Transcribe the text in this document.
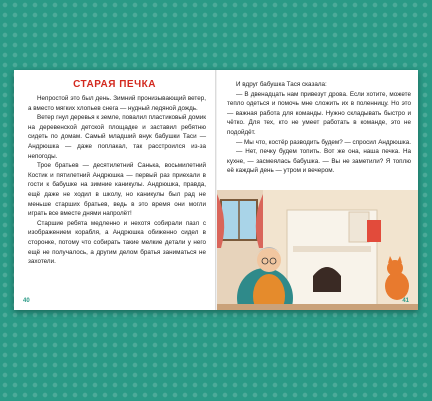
СТАРАЯ ПЕЧКА

Непростой это был день. Зимний пронизывающий ветер, а вместо мягких хлопьев снега — нудный ледяной дождь.

Ветер гнул деревья к земле, повалил пластиковый домик на деревенской детской площадке и заставил ребятню сидеть по домам. Самый младший внук бабушки Таси — Андрюшка — даже поплакал, так расстроился из-за непогоды.

Трое братьев — десятилетний Санька, восьмилетний Костик и пятилетний Андрюшка — первый раз приехали в гости к бабушке на зимние каникулы. Андрюшка, правда, ещё даже не ходил в школу, но каникулы был рад не меньше старших братьев, ведь в это время они могли играть все вместе днями напролёт!

Старшие ребята медленно и нехотя собирали пазл с изображением корабля, а Андрюшка обиженно сидел в сторонке, потому что собирать такие мелкие детали у него ещё не получалось, а другим делом братья заниматься не захотели.

40

И вдруг бабушка Тася сказала:

— В двенадцать нам привезут дрова. Если хотите, можете тепло одеться и помочь мне сложить их в поленницу. Но это — важная работа для команды. Нужно складывать быстро и чётко. Для тех, кто не умеет работать в команде, это не подойдёт.

— Мы что, костёр разводить будем? — спросил Андрюшка.

— Нет, печку будем топить. Вот же она, наша печка. На кухне, — засмеялась бабушка. — Вы не заметили? Я топлю её каждый день — утром и вечером.

41
